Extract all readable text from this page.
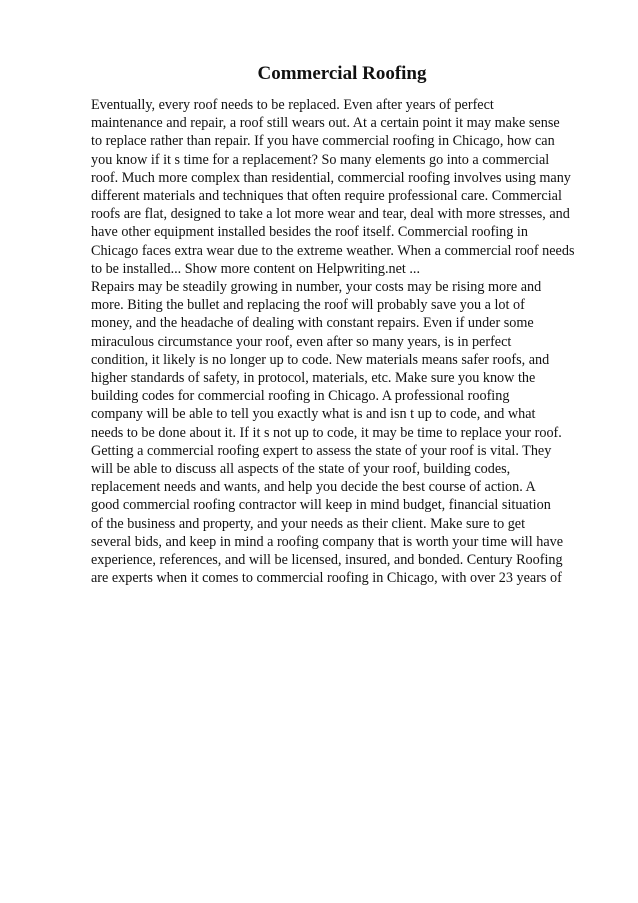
Commercial Roofing
Eventually, every roof needs to be replaced. Even after years of perfect
maintenance and repair, a roof still wears out. At a certain point it may make sense
to replace rather than repair. If you have commercial roofing in Chicago, how can
you know if it s time for a replacement? So many elements go into a commercial
roof. Much more complex than residential, commercial roofing involves using many
different materials and techniques that often require professional care. Commercial
roofs are flat, designed to take a lot more wear and tear, deal with more stresses, and
have other equipment installed besides the roof itself. Commercial roofing in
Chicago faces extra wear due to the extreme weather. When a commercial roof needs
to be installed... Show more content on Helpwriting.net ...
Repairs may be steadily growing in number, your costs may be rising more and
more. Biting the bullet and replacing the roof will probably save you a lot of
money, and the headache of dealing with constant repairs. Even if under some
miraculous circumstance your roof, even after so many years, is in perfect
condition, it likely is no longer up to code. New materials means safer roofs, and
higher standards of safety, in protocol, materials, etc. Make sure you know the
building codes for commercial roofing in Chicago. A professional roofing
company will be able to tell you exactly what is and isn t up to code, and what
needs to be done about it. If it s not up to code, it may be time to replace your roof.
Getting a commercial roofing expert to assess the state of your roof is vital. They
will be able to discuss all aspects of the state of your roof, building codes,
replacement needs and wants, and help you decide the best course of action. A
good commercial roofing contractor will keep in mind budget, financial situation
of the business and property, and your needs as their client. Make sure to get
several bids, and keep in mind a roofing company that is worth your time will have
experience, references, and will be licensed, insured, and bonded. Century Roofing
are experts when it comes to commercial roofing in Chicago, with over 23 years of
